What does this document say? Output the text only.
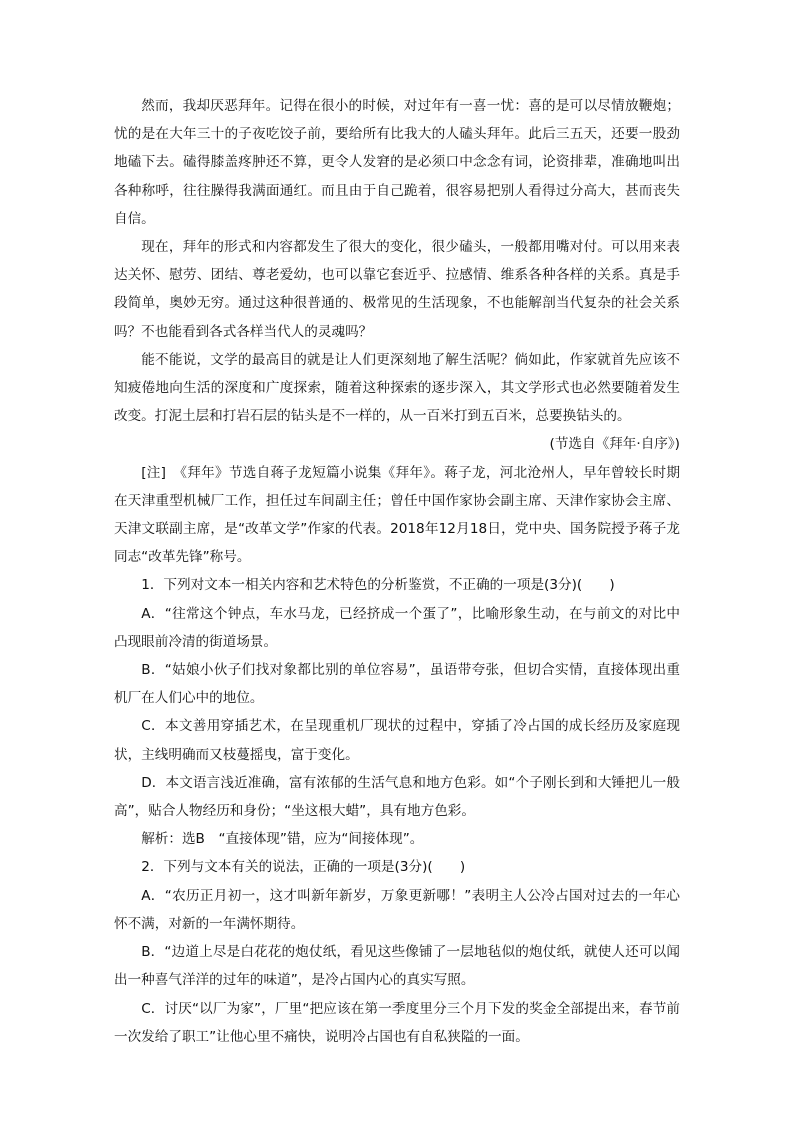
然而，我却厌恶拜年。记得在很小的时候，对过年有一喜一忧：喜的是可以尽情放鞭炮；忧的是在大年三十的子夜吃饺子前，要给所有比我大的人磕头拜年。此后三五天，还要一股劲地磕下去。磕得膝盖疼肿还不算，更令人发窘的是必须口中念念有词，论资排辈，准确地叫出各种称呼，往往臊得我满面通红。而且由于自己跪着，很容易把别人看得过分高大，甚而丧失自信。

现在，拜年的形式和内容都发生了很大的变化，很少磕头，一般都用嘴对付。可以用来表达关怀、慰劳、团结、尊老爱幼，也可以靠它套近乎、拉感情、维系各种各样的关系。真是手段简单，奥妙无穷。通过这种很普通的、极常见的生活现象，不也能解剖当代复杂的社会关系吗？不也能看到各式各样当代人的灵魂吗？

能不能说，文学的最高目的就是让人们更深刻地了解生活呢？倘如此，作家就首先应该不知疲倦地向生活的深度和广度探索，随着这种探索的逐步深入，其文学形式也必然要随着发生改变。打泥土层和打岩石层的钻头是不一样的，从一百米打到五百米，总要换钻头的。

(节选自《拜年·自序》)

[注]　《拜年》节选自蒋子龙短篇小说集《拜年》。蒋子龙，河北沧州人，早年曾较长时期在天津重型机械厂工作，担任过车间副主任；曾任中国作家协会副主席、天津作家协会主席、天津文联副主席，是“改革文学”作家的代表。2018年12月18日，党中央、国务院授予蒋子龙同志“改革先锋”称号。

1．下列对文本一相关内容和艺术特色的分析鉴赏，不正确的一项是(3分)(　　)

A．“往常这个钟点，车水马龙，已经挤成一个蛋了”，比喻形象生动，在与前文的对比中凸现眼前冷清的街道场景。

B．“姑娘小伙子们找对象都比别的单位容易”，虽语带夸张，但切合实情，直接体现出重机厂在人们心中的地位。

C．本文善用穿插艺术，在呈现重机厂现状的过程中，穿插了冷占国的成长经历及家庭现状，主线明确而又枝蔓摇曳，富于变化。

D．本文语言浅近准确，富有浓郁的生活气息和地方色彩。如“个子刚长到和大锤把儿一般高”，贴合人物经历和身份；“坐这根大蜡”，具有地方色彩。

解析：选B　“直接体现”错，应为“间接体现”。

2．下列与文本有关的说法，正确的一项是(3分)(　　)

A．“农历正月初一，这才叫新年新岁，万象更新哪！”表明主人公冷占国对过去的一年心怀不满，对新的一年满怀期待。

B．“边道上尽是白花花的炮仗纸，看见这些像铺了一层地毡似的炮仗纸，就使人还可以闻出一种喜气洋洋的过年的味道”，是冷占国内心的真实写照。

C．讨厌“以厂为家”，厂里“把应该在第一季度里分三个月下发的奖金全部提出来，春节前一次发给了职工”让他心里不痛快，说明冷占国也有自私狭隘的一面。
